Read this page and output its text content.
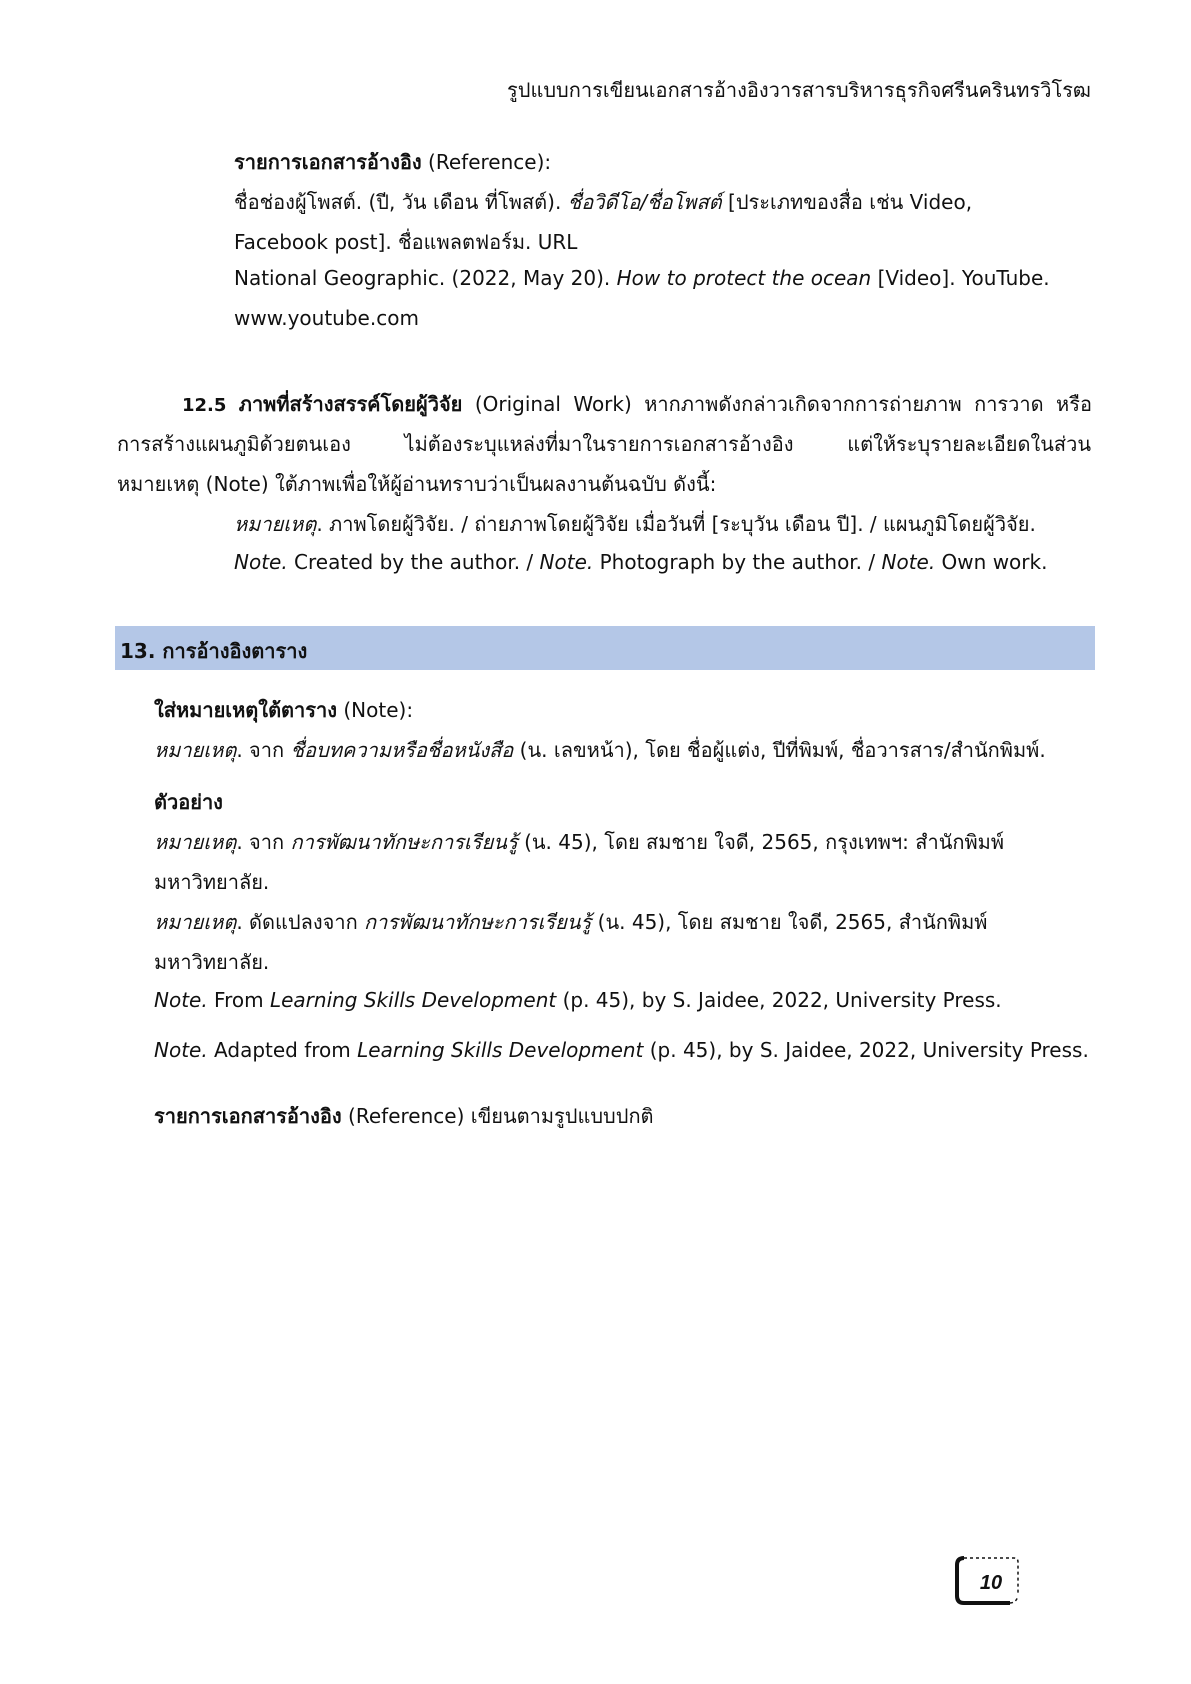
รูปแบบการเขียนเอกสารอ้างอิงวารสารบริหารธุรกิจศรีนครินทรวิโรฒ
รายการเอกสารอ้างอิง (Reference):
ชื่อช่องผู้โพสต์. (ปี, วัน เดือน ที่โพสต์). ชื่อวิดีโอ/ชื่อโพสต์ [ประเภทของสื่อ เช่น Video,
Facebook post]. ชื่อแพลตฟอร์ม. URL
National Geographic. (2022, May 20). How to protect the ocean [Video]. YouTube.
www.youtube.com
12.5 ภาพที่สร้างสรรค์โดยผู้วิจัย (Original Work) หากภาพดังกล่าวเกิดจากการถ่ายภาพ การวาด หรือ
การสร้างแผนภูมิด้วยตนเอง ไม่ต้องระบุแหล่งที่มาในรายการเอกสารอ้างอิง แต่ให้ระบุรายละเอียดในส่วน
หมายเหตุ (Note) ใต้ภาพเพื่อให้ผู้อ่านทราบว่าเป็นผลงานต้นฉบับ ดังนี้:
หมายเหตุ. ภาพโดยผู้วิจัย. / ถ่ายภาพโดยผู้วิจัย เมื่อวันที่ [ระบุวัน เดือน ปี]. / แผนภูมิโดยผู้วิจัย.
Note. Created by the author. / Note. Photograph by the author. / Note. Own work.
13. การอ้างอิงตาราง
ใส่หมายเหตุใต้ตาราง (Note):
หมายเหตุ. จาก ชื่อบทความหรือชื่อหนังสือ (น. เลขหน้า), โดย ชื่อผู้แต่ง, ปีที่พิมพ์, ชื่อวารสาร/สำนักพิมพ์.
ตัวอย่าง
หมายเหตุ. จาก การพัฒนาทักษะการเรียนรู้ (น. 45), โดย สมชาย ใจดี, 2565, กรุงเทพฯ: สำนักพิมพ์
มหาวิทยาลัย.
หมายเหตุ. ดัดแปลงจาก การพัฒนาทักษะการเรียนรู้ (น. 45), โดย สมชาย ใจดี, 2565, สำนักพิมพ์
มหาวิทยาลัย.
Note. From Learning Skills Development (p. 45), by S. Jaidee, 2022, University Press.
Note. Adapted from Learning Skills Development (p. 45), by S. Jaidee, 2022, University Press.
รายการเอกสารอ้างอิง (Reference) เขียนตามรูปแบบปกติ
10
